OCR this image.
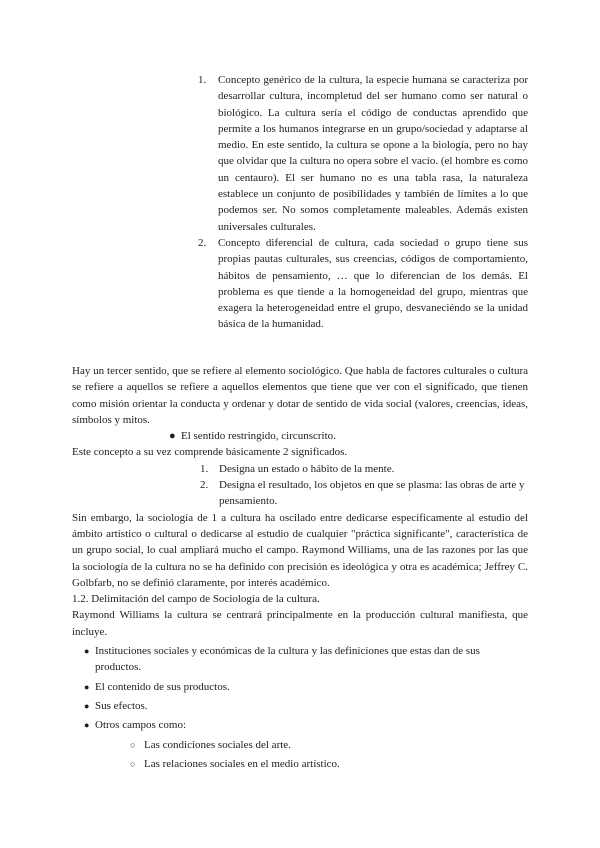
1. Concepto genérico de la cultura, la especie humana se caracteriza por desarrollar cultura, incompletud del ser humano como ser natural o biológico. La cultura sería el código de conductas aprendido que permite a los humanos integrarse en un grupo/sociedad y adaptarse al medio. En este sentido, la cultura se opone a la biología, pero no hay que olvidar que la cultura no opera sobre el vacío. (el hombre es como un centauro). El ser humano no es una tabla rasa, la naturaleza establece un conjunto de posibilidades y también de límites a lo que podemos ser. No somos completamente maleables. Además existen universales culturales.
2. Concepto diferencial de cultura, cada sociedad o grupo tiene sus propias pautas culturales, sus creencias, códigos de comportamiento, hábitos de pensamiento, … que lo diferencian de los demás. El problema es que tiende a la homogeneidad del grupo, mientras que exagera la heterogeneidad entre el grupo, desvaneciéndo se la unidad básica de la humanidad.

Hay un tercer sentido, que se refiere al elemento sociológico. Que habla de factores culturales o cultura se refiere a aquellos se refiere a aquellos elementos que tiene que ver con el significado, que tienen como misión orientar la conducta y ordenar y dotar de sentido de vida social (valores, creencias, ideas, símbolos y mitos.

● El sentido restringido, circunscrito.

Este concepto a su vez comprende básicamente 2 significados.

1. Designa un estado o hábito de la mente.
2. Designa el resultado, los objetos en que se plasma: las obras de arte y pensamiento.

Sin embargo, la sociología de 1 a cultura ha oscilado entre dedicarse específicamente al estudio del ámbito artístico o cultural o dedicarse al estudio de cualquier "práctica significante", característica de un grupo social, lo cual ampliará mucho el campo. Raymond Williams, una de las razones por las que la sociología de la cultura no se ha definido con precisión es ideológica y otra es académica; Jeffrey C. Golbfarb, no se definió claramente, por interés académico.

1.2. Delimitación del campo de Sociología de la cultura.

Raymond Williams la cultura se centrará principalmente en la producción cultural manifiesta, que incluye.

● Instituciones sociales y económicas de la cultura y las definiciones que estas dan de sus productos.
● El contenido de sus productos.
● Sus efectos.
● Otros campos como:
○ Las condiciones sociales del arte.
○ Las relaciones sociales en el medio artístico.
